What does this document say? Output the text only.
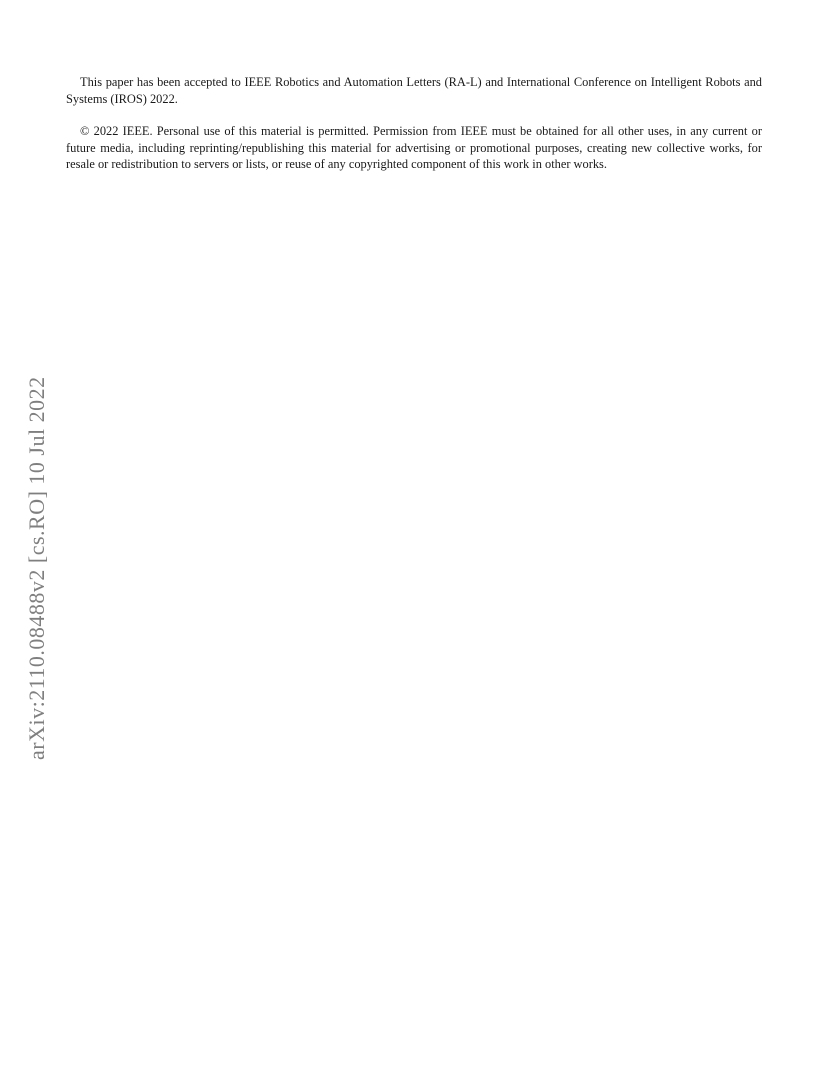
arXiv:2110.08488v2 [cs.RO] 10 Jul 2022

This paper has been accepted to IEEE Robotics and Automation Letters (RA-L) and International Conference on Intelligent Robots and Systems (IROS) 2022.

© 2022 IEEE. Personal use of this material is permitted. Permission from IEEE must be obtained for all other uses, in any current or future media, including reprinting/republishing this material for advertising or promotional purposes, creating new collective works, for resale or redistribution to servers or lists, or reuse of any copyrighted component of this work in other works.
